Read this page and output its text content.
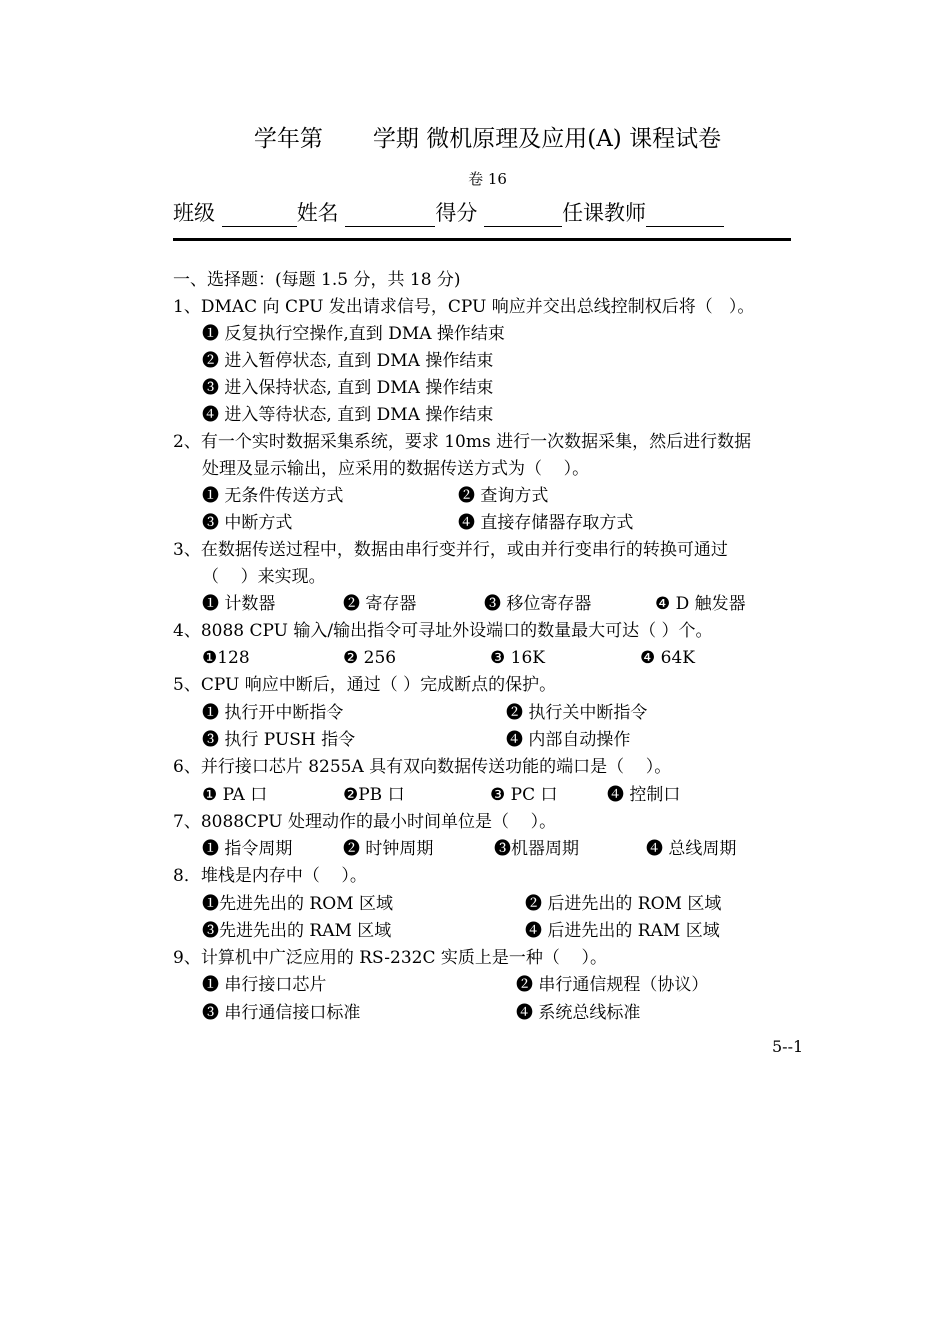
学年第 学期 微机原理及应用(A) 课程试卷
卷 16
班级	姓名	得分	任课教师
一、选择题：(每题 1.5 分，共 18 分)
1、DMAC 向 CPU 发出请求信号，CPU 响应并交出总线控制权后将（   ）。
❶ 反复执行空操作,直到 DMA 操作结束
❷ 进入暂停状态, 直到 DMA 操作结束
❸ 进入保持状态, 直到 DMA 操作结束
❹ 进入等待状态, 直到 DMA 操作结束
2、有一个实时数据采集系统，要求 10ms 进行一次数据采集，然后进行数据
处理及显示输出，应采用的数据传送方式为（    ）。
❶ 无条件传送方式	❷ 查询方式
❸ 中断方式	❹ 直接存储器存取方式
3、在数据传送过程中，数据由串行变并行，或由并行变串行的转换可通过
（    ）来实现。
❶ 计数器	❷ 寄存器	❸ 移位寄存器	❹ D 触发器
4、8088 CPU 输入/输出指令可寻址外设端口的数量最大可达（ ）个。
❶128	❷ 256	❸ 16K	❹ 64K
5、CPU 响应中断后，通过（ ）完成断点的保护。
❶ 执行开中断指令	❷ 执行关中断指令
❸ 执行 PUSH 指令	❹ 内部自动操作
6、并行接口芯片 8255A 具有双向数据传送功能的端口是（    ）。
❶ PA 口	❷PB 口	❸ PC 口	❹ 控制口
7、8088CPU 处理动作的最小时间单位是（    ）。
❶ 指令周期	❷ 时钟周期	❸机器周期	❹ 总线周期
8．堆栈是内存中（    ）。
❶先进先出的 ROM 区域	❷ 后进先出的 ROM 区域
❸先进先出的 RAM 区域	❹ 后进先出的 RAM 区域
9、计算机中广泛应用的 RS-232C 实质上是一种（    ）。
❶ 串行接口芯片	❷ 串行通信规程（协议）
❸ 串行通信接口标准	❹ 系统总线标准
5--1
